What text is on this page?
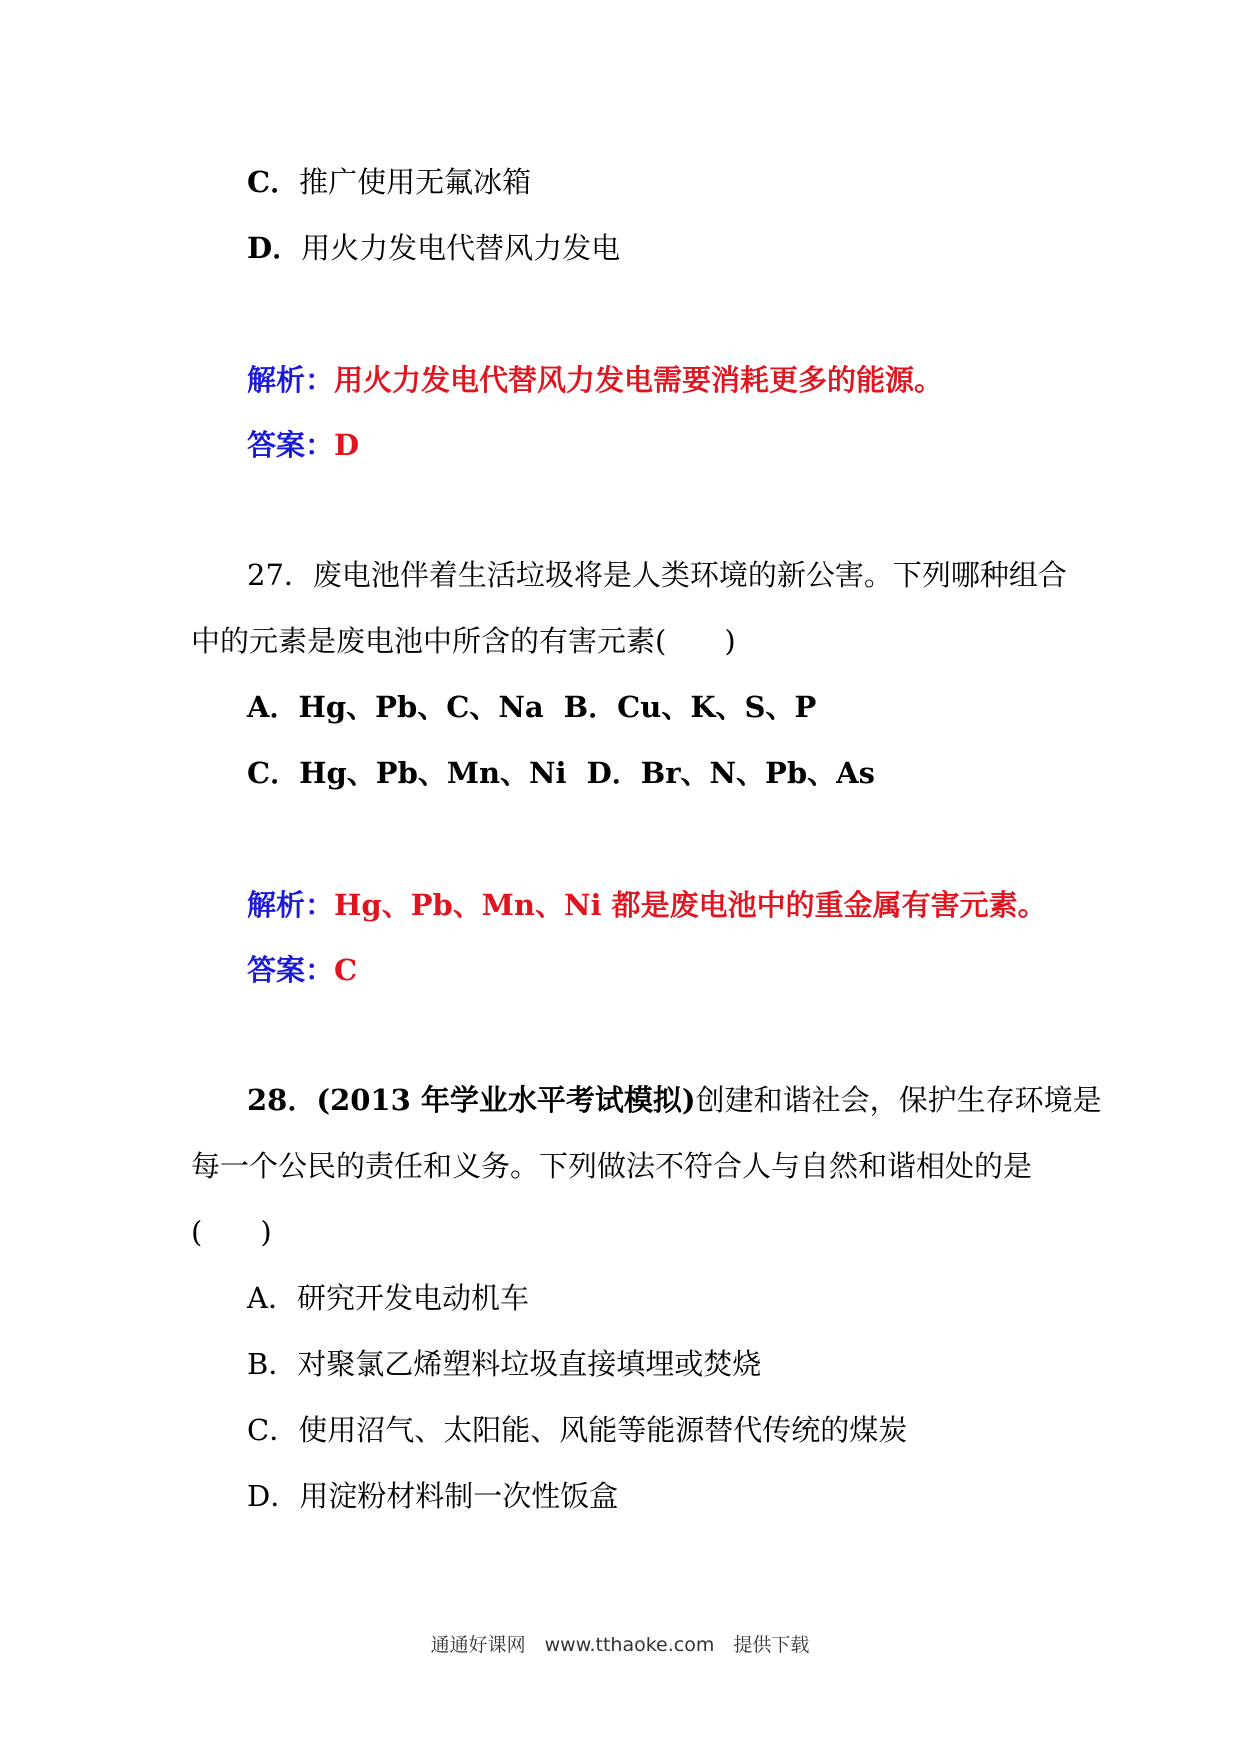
C．推广使用无氟冰箱
D．用火力发电代替风力发电
解析：用火力发电代替风力发电需要消耗更多的能源。
答案：D
27．废电池伴着生活垃圾将是人类环境的新公害。下列哪种组合
中的元素是废电池中所含的有害元素(　　)
A．Hg、Pb、C、Na B．Cu、K、S、P
C．Hg、Pb、Mn、Ni D．Br、N、Pb、As
解析：Hg、Pb、Mn、Ni 都是废电池中的重金属有害元素。
答案：C
28．(2013 年学业水平考试模拟)创建和谐社会，保护生存环境是
每一个公民的责任和义务。下列做法不符合人与自然和谐相处的是
(　　)
A．研究开发电动机车
B．对聚氯乙烯塑料垃圾直接填埋或焚烧
C．使用沼气、太阳能、风能等能源替代传统的煤炭
D．用淀粉材料制一次性饭盒
通通好课网　www.tthaoke.com　提供下载
